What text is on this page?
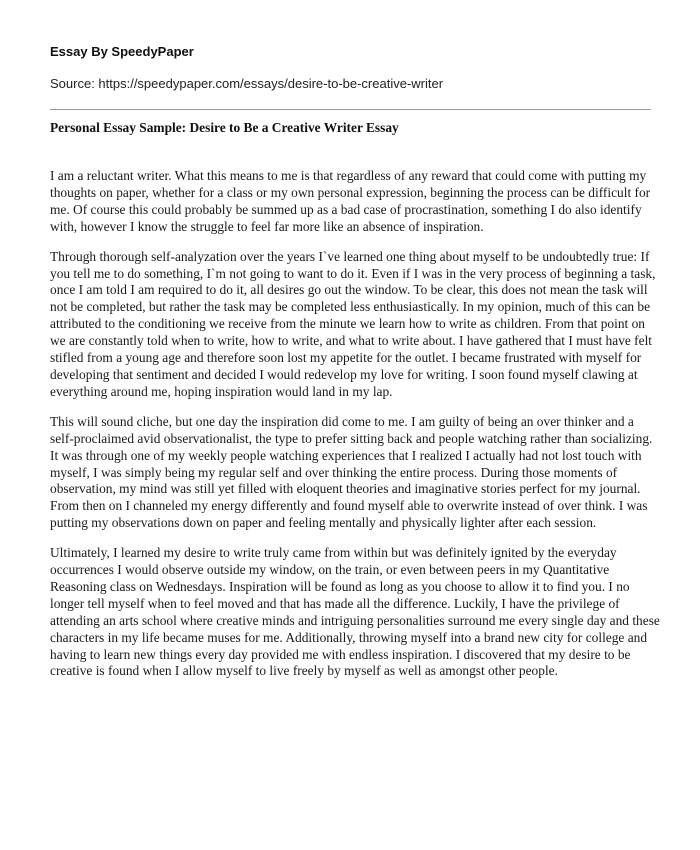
Essay By SpeedyPaper
Source: https://speedypaper.com/essays/desire-to-be-creative-writer
Personal Essay Sample: Desire to Be a Creative Writer Essay

I am a reluctant writer. What this means to me is that regardless of any reward that could come with putting my thoughts on paper, whether for a class or my own personal expression, beginning the process can be difficult for me. Of course this could probably be summed up as a bad case of procrastination, something I do also identify with, however I know the struggle to feel far more like an absence of inspiration.

Through thorough self-analyzation over the years I`ve learned one thing about myself to be undoubtedly true: If you tell me to do something, I`m not going to want to do it. Even if I was in the very process of beginning a task, once I am told I am required to do it, all desires go out the window. To be clear, this does not mean the task will not be completed, but rather the task may be completed less enthusiastically. In my opinion, much of this can be attributed to the conditioning we receive from the minute we learn how to write as children. From that point on we are constantly told when to write, how to write, and what to write about. I have gathered that I must have felt stifled from a young age and therefore soon lost my appetite for the outlet. I became frustrated with myself for developing that sentiment and decided I would redevelop my love for writing. I soon found myself clawing at everything around me, hoping inspiration would land in my lap.

This will sound cliche, but one day the inspiration did come to me. I am guilty of being an over thinker and a self-proclaimed avid observationalist, the type to prefer sitting back and people watching rather than socializing. It was through one of my weekly people watching experiences that I realized I actually had not lost touch with myself, I was simply being my regular self and over thinking the entire process. During those moments of observation, my mind was still yet filled with eloquent theories and imaginative stories perfect for my journal. From then on I channeled my energy differently and found myself able to overwrite instead of over think. I was putting my observations down on paper and feeling mentally and physically lighter after each session.

Ultimately, I learned my desire to write truly came from within but was definitely ignited by the everyday occurrences I would observe outside my window, on the train, or even between peers in my Quantitative Reasoning class on Wednesdays. Inspiration will be found as long as you choose to allow it to find you. I no longer tell myself when to feel moved and that has made all the difference. Luckily, I have the privilege of attending an arts school where creative minds and intriguing personalities surround me every single day and these characters in my life became muses for me. Additionally, throwing myself into a brand new city for college and having to learn new things every day provided me with endless inspiration. I discovered that my desire to be creative is found when I allow myself to live freely by myself as well as amongst other people.
